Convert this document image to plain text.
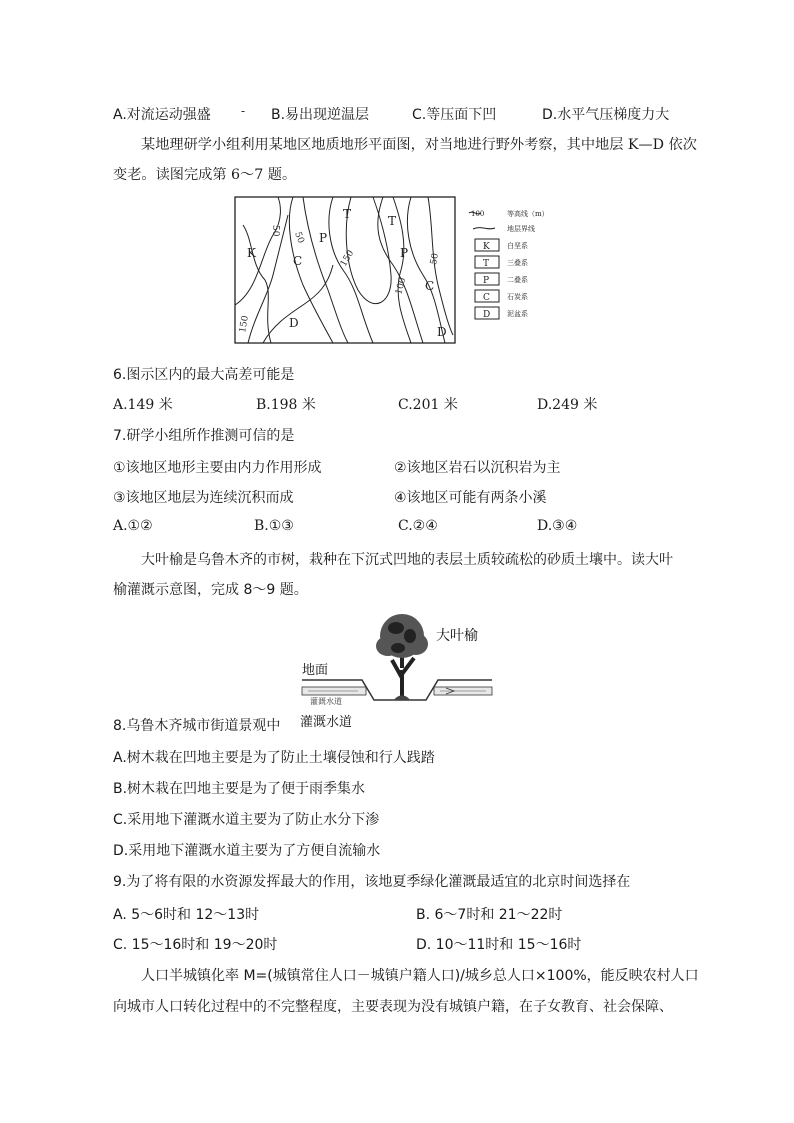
A.对流运动强盛	- B.易出现逆温层	C.等压面下凹	D.水平气压梯度力大
某地理研学小组利用某地区地质地形平面图，对当地进行野外考察，其中地层 K—D 依次
变老。读图完成第 6～7 题。
K
C
P
T	T
P
C
D
D
50 50
150
100
50
150
100	等高线（m）
地层界线
K 白垩系
T	三叠系
P	二叠系
C 石炭系
D 泥盆系
6.图示区内的最大高差可能是
A.149 米	B.198 米	C.201 米	D.249 米
7.研学小组所作推测可信的是
①该地区地形主要由内力作用形成	②该地区岩石以沉积岩为主
③该地区地层为连续沉积而成	④该地区可能有两条小溪
A.①②	B.①③	C.②④	D.③④
大叶榆是乌鲁木齐的市树，栽种在下沉式凹地的表层土质较疏松的砂质土壤中。读大叶
榆灌溉示意图，完成 8～9 题。
大叶榆
地面
灌溉水道
灌溉水道
8.乌鲁木齐城市街道景观中
A.树木栽在凹地主要是为了防止土壤侵蚀和行人践踏
B.树木栽在凹地主要是为了便于雨季集水
C.采用地下灌溉水道主要为了防止水分下渗
D.采用地下灌溉水道主要为了方便自流输水
9.为了将有限的水资源发挥最大的作用，该地夏季绿化灌溉最适宜的北京时间选择在
A. 5～6时和 12～13时	B. 6～7时和 21～22时
C. 15～16时和 19～20时	D. 10～11时和 15～16时
人口半城镇化率 M=(城镇常住人口－城镇户籍人口)/城乡总人口×100%，能反映农村人口
向城市人口转化过程中的不完整程度，主要表现为没有城镇户籍，在子女教育、社会保障、
